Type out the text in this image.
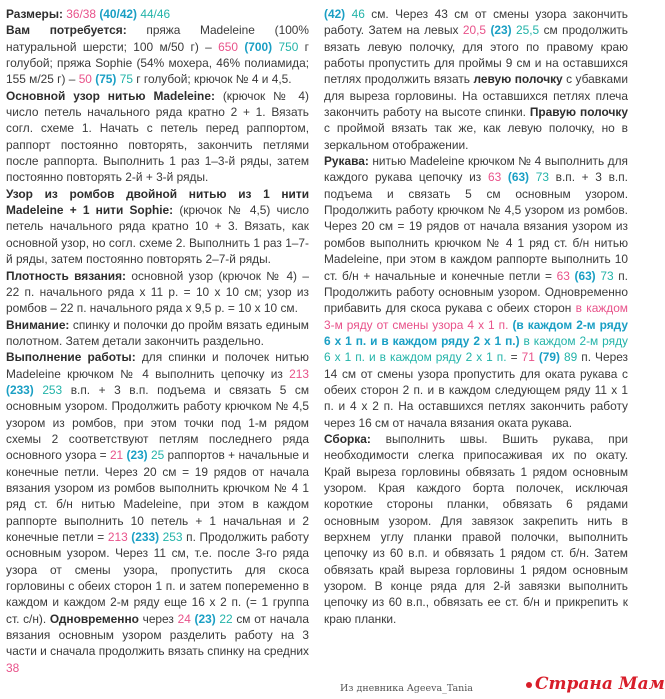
Размеры: 36/38 (40/42) 44/46

Вам потребуется: пряжа Madeleine (100% натуральной шерсти; 100 м/50 г) – 650 (700) 750 г голубой; пряжа Sophie (54% мохера, 46% полиамида; 155 м/25 г) – 50 (75) 75 г голубой; крючок № 4 и 4,5.

Основной узор нитью Madeleine: (крючок № 4) число петель начального ряда кратно 2 + 1. Вязать согл. схеме 1. Начать с петель перед раппортом, раппорт постоянно повторять, закончить петлями после раппорта. Выполнить 1 раз 1–3-й ряды, затем постоянно повторять 2-й + 3-й ряды.

Узор из ромбов двойной нитью из 1 нити Madeleine + 1 нити Sophie: (крючок № 4,5) число петель начального ряда кратно 10 + 3. Вязать, как основной узор, но согл. схеме 2. Выполнить 1 раз 1–7-й ряды, затем постоянно повторять 2–7-й ряды.

Плотность вязания: основной узор (крючок № 4) – 22 п. начального ряда х 11 р. = 10 х 10 см; узор из ромбов – 22 п. начального ряда х 9,5 р. = 10 х 10 см.

Внимание: спинку и полочки до пройм вязать единым полотном. Затем детали закончить раздельно.

Выполнение работы: для спинки и полочек нитью Madeleine крючком № 4 выполнить цепочку из 213 (233) 253 в.п. + 3 в.п. подъема и связать 5 см основным узором. Продолжить работу крючком № 4,5 узором из ромбов, при этом точки под 1-м рядом схемы 2 соответствуют петлям последнего ряда основного узора = 21 (23) 25 раппортов + начальные и конечные петли. Через 20 см = 19 рядов от начала вязания узором из ромбов выполнить крючком № 4 1 ряд ст. б/н нитью Madeleine, при этом в каждом раппорте выполнить 10 петель + 1 начальная и 2 конечные петли = 213 (233) 253 п. Продолжить работу основным узором. Через 11 см, т.е. после 3-го ряда узора от смены узора, пропустить для скоса горловины с обеих сторон 1 п. и затем попеременно в каждом и каждом 2-м ряду еще 16 х 2 п. (= 1 группа ст. с/н). Одновременно через 24 (23) 22 см от начала вязания основным узором разделить работу на 3 части и сначала продолжить вязать спинку на средних 38

(42) 46 см. Через 43 см от смены узора закончить работу. Затем на левых 20,5 (23) 25,5 см продолжить вязать левую полочку, для этого по правому краю работы пропустить для проймы 9 см и на оставшихся петлях продолжить вязать левую полочку с убавками для выреза горловины. На оставшихся петлях плеча закончить работу на высоте спинки. Правую полочку с проймой вязать так же, как левую полочку, но в зеркальном отображении.

Рукава: нитью Madeleine крючком № 4 выполнить для каждого рукава цепочку из 63 (63) 73 в.п. + 3 в.п. подъема и связать 5 см основным узором. Продолжить работу крючком № 4,5 узором из ромбов. Через 20 см = 19 рядов от начала вязания узором из ромбов выполнить крючком № 4 1 ряд ст. б/н нитью Madeleine, при этом в каждом раппорте выполнить 10 ст. б/н + начальные и конечные петли = 63 (63) 73 п. Продолжить работу основным узором. Одновременно прибавить для скоса рукава с обеих сторон в каждом 3-м ряду от смены узора 4 х 1 п. (в каждом 2-м ряду 6 х 1 п. и в каждом ряду 2 х 1 п.) в каждом 2-м ряду 6 х 1 п. и в каждом ряду 2 х 1 п. = 71 (79) 89 п. Через 14 см от смены узора пропустить для оката рукава с обеих сторон 2 п. и в каждом следующем ряду 11 х 1 п. и 4 х 2 п. На оставшихся петлях закончить работу через 16 см от начала вязания оката рукава.

Сборка: выполнить швы. Вшить рукава, при необходимости слегка припосаживая их по окату. Край выреза горловины обвязать 1 рядом основным узором. Края каждого борта полочек, исключая короткие стороны планки, обвязать 6 рядами основным узором. Для завязок закрепить нить в верхнем углу планки правой полочки, выполнить цепочку из 60 в.п. и обвязать 1 рядом ст. б/н. Затем обвязать край выреза горловины 1 рядом основным узором. В конце ряда для 2-й завязки выполнить цепочку из 60 в.п., обвязать ее ст. б/н и прикрепить к краю планки.

Из дневника Ageeva_Tania	Страна Мам
